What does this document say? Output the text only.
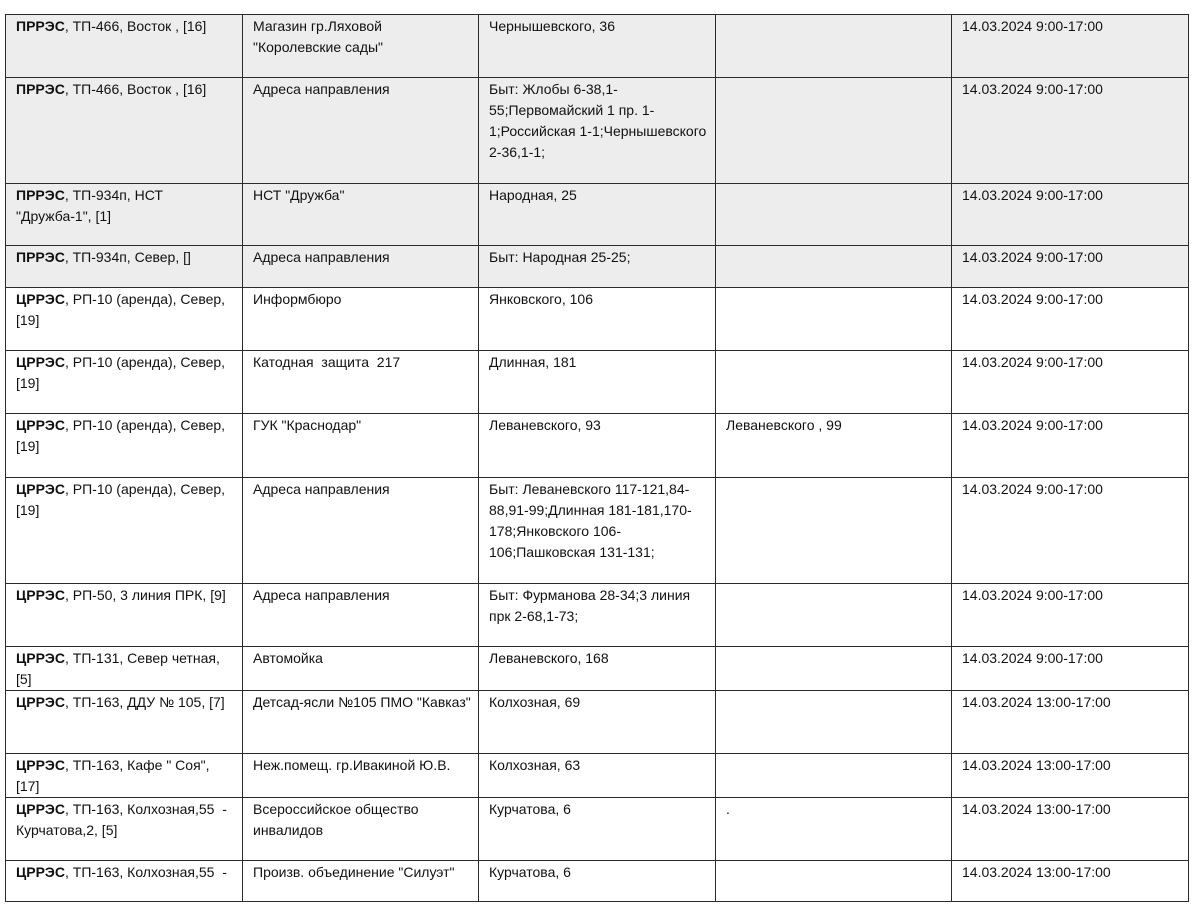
ПРРЭС, ТП-466, Восток , [16]	Магазин гр.Ляховой "Королевские сады"	Чернышевского, 36		14.03.2024 9:00-17:00
ПРРЭС, ТП-466, Восток , [16]	Адреса направления	Быт: Жлобы 6-38,1-55;Первомайский 1 пр. 1-1;Российская 1-1;Чернышевского 2-36,1-1;		14.03.2024 9:00-17:00
ПРРЭС, ТП-934п, НСТ "Дружба-1", [1]	НСТ "Дружба"	Народная, 25		14.03.2024 9:00-17:00
ПРРЭС, ТП-934п, Север, []	Адреса направления	Быт: Народная 25-25;		14.03.2024 9:00-17:00
ЦРРЭС, РП-10 (аренда), Север, [19]	Информбюро	Янковского, 106		14.03.2024 9:00-17:00
ЦРРЭС, РП-10 (аренда), Север, [19]	Катодная  защита  217	Длинная, 181		14.03.2024 9:00-17:00
ЦРРЭС, РП-10 (аренда), Север, [19]	ГУК "Краснодар"	Леваневского, 93	Леваневского , 99	14.03.2024 9:00-17:00
ЦРРЭС, РП-10 (аренда), Север, [19]	Адреса направления	Быт: Леваневского 117-121,84-88,91-99;Длинная 181-181,170-178;Янковского 106-106;Пашковская 131-131;		14.03.2024 9:00-17:00
ЦРРЭС, РП-50, 3 линия ПРК, [9]	Адреса направления	Быт: Фурманова 28-34;3 линия прк 2-68,1-73;		14.03.2024 9:00-17:00
ЦРРЭС, ТП-131, Север четная, [5]	Автомойка	Леваневского, 168		14.03.2024 9:00-17:00
ЦРРЭС, ТП-163, ДДУ № 105, [7]	Детсад-ясли №105 ПМО "Кавказ"	Колхозная, 69		14.03.2024 13:00-17:00
ЦРРЭС, ТП-163, Кафе " Соя", [17]	Неж.помещ. гр.Ивакиной Ю.В.	Колхозная, 63		14.03.2024 13:00-17:00
ЦРРЭС, ТП-163, Колхозная,55  - Курчатова,2, [5]	Всероссийское общество инвалидов	Курчатова, 6	.	14.03.2024 13:00-17:00
ЦРРЭС, ТП-163, Колхозная,55  -	Произв. объединение "Силуэт"	Курчатова, 6		14.03.2024 13:00-17:00
